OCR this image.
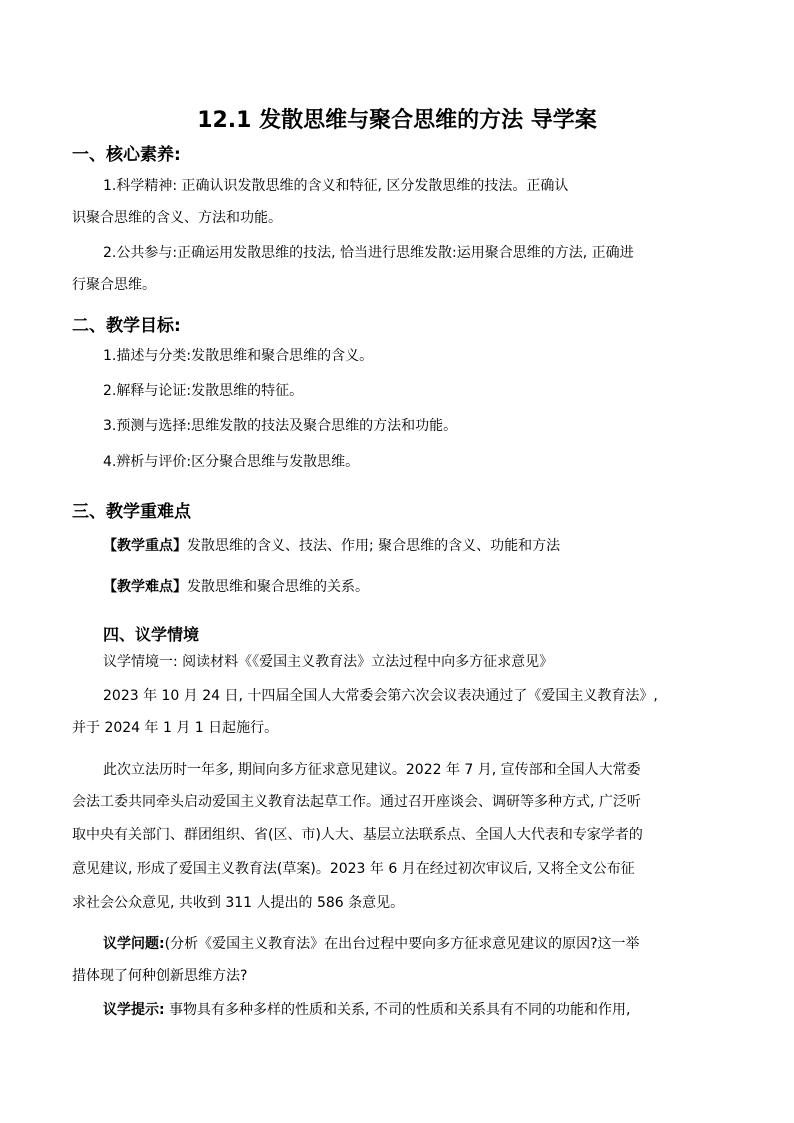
12.1 发散思维与聚合思维的方法 导学案
一、核心素养:
1.科学精神: 正确认识发散思维的含义和特征, 区分发散思维的技法。正确认
识聚合思维的含义、方法和功能。
2.公共参与:正确运用发散思维的技法, 恰当进行思维发散:运用聚合思维的方法, 正确进
行聚合思维。
二、教学目标:
1.描述与分类:发散思维和聚合思维的含义。
2.解释与论证:发散思维的特征。
3.预测与选择:思维发散的技法及聚合思维的方法和功能。
4.辨析与评价:区分聚合思维与发散思维。
三、教学重难点
【教学重点】发散思维的含义、技法、作用; 聚合思维的含义、功能和方法
【教学难点】发散思维和聚合思维的关系。
四、议学情境
议学情境一: 阅读材料《《爱国主义教育法》立法过程中向多方征求意见》
2023 年 10 月 24 日, 十四届全国人大常委会第六次会议表决通过了《爱国主义教育法》,
并于 2024 年 1 月 1 日起施行。
此次立法历时一年多, 期间向多方征求意见建议。2022 年 7 月, 宣传部和全国人大常委
会法工委共同牵头启动爱国主义教育法起草工作。通过召开座谈会、调研等多种方式, 广泛听
取中央有关部门、群团组织、省(区、市)人大、基层立法联系点、全国人大代表和专家学者的
意见建议, 形成了爱国主义教育法(草案)。2023 年 6 月在经过初次审议后, 又将全文公布征
求社会公众意见, 共收到 311 人提出的 586 条意见。
议学问题:(分析《爱国主义教育法》在出台过程中要向多方征求意见建议的原因?这一举
措体现了何种创新思维方法?
议学提示: 事物具有多种多样的性质和关系, 不司的性质和关系具有不同的功能和作用,
